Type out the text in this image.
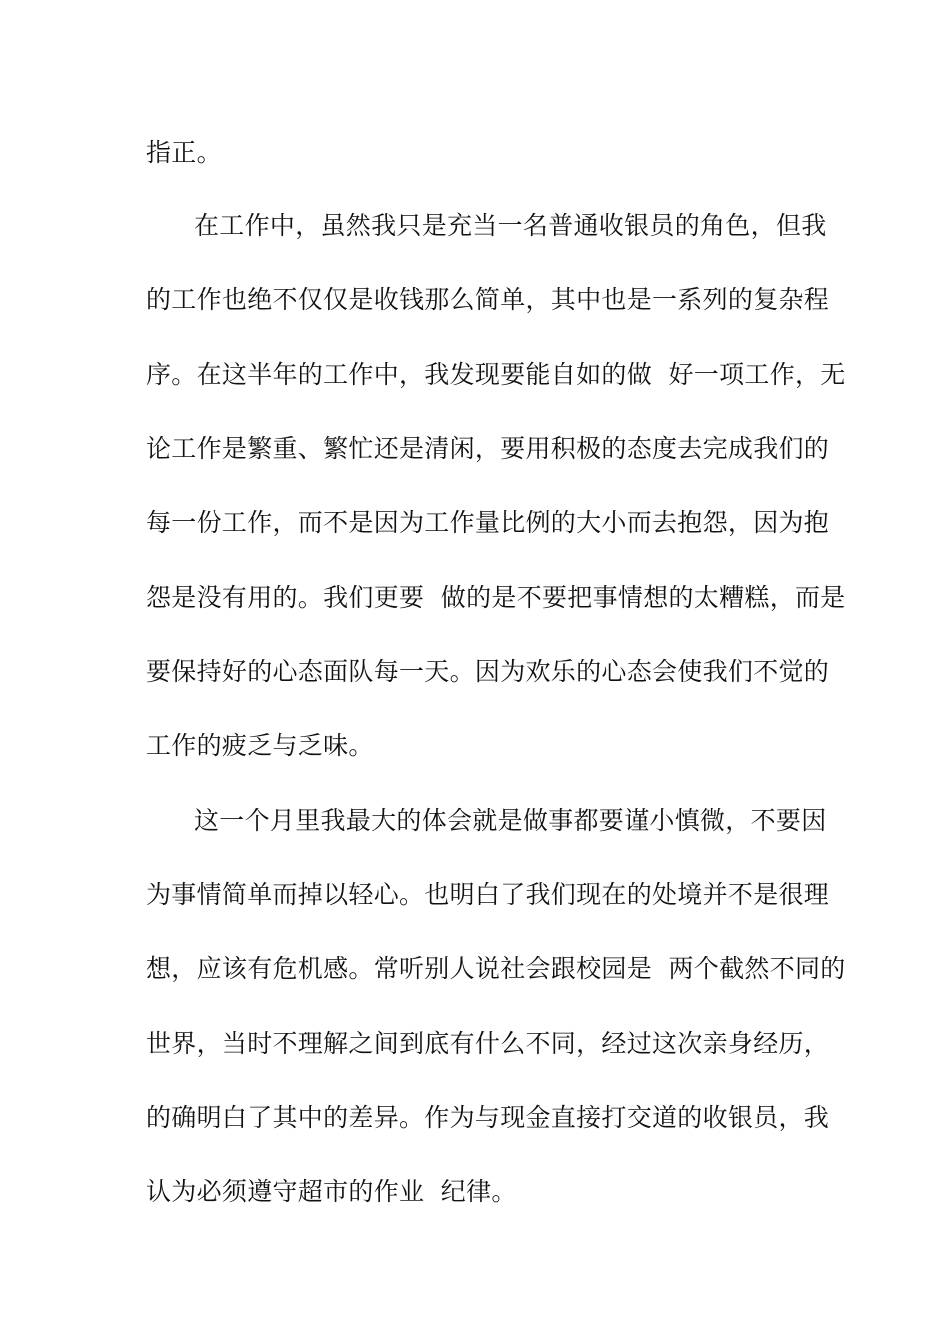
指正。
在工作中，虽然我只是充当一名普通收银员的角色，但我
的工作也绝不仅仅是收钱那么简单，其中也是一系列的复杂程
序。在这半年的工作中，我发现要能自如的做  好一项工作，无
论工作是繁重、繁忙还是清闲，要用积极的态度去完成我们的
每一份工作，而不是因为工作量比例的大小而去抱怨，因为抱
怨是没有用的。我们更要  做的是不要把事情想的太糟糕，而是
要保持好的心态面队每一天。因为欢乐的心态会使我们不觉的
工作的疲乏与乏味。
这一个月里我最大的体会就是做事都要谨小慎微，不要因
为事情简单而掉以轻心。也明白了我们现在的处境并不是很理
想，应该有危机感。常听别人说社会跟校园是  两个截然不同的
世界，当时不理解之间到底有什么不同，经过这次亲身经历，
的确明白了其中的差异。作为与现金直接打交道的收银员，我
认为必须遵守超市的作业  纪律。
